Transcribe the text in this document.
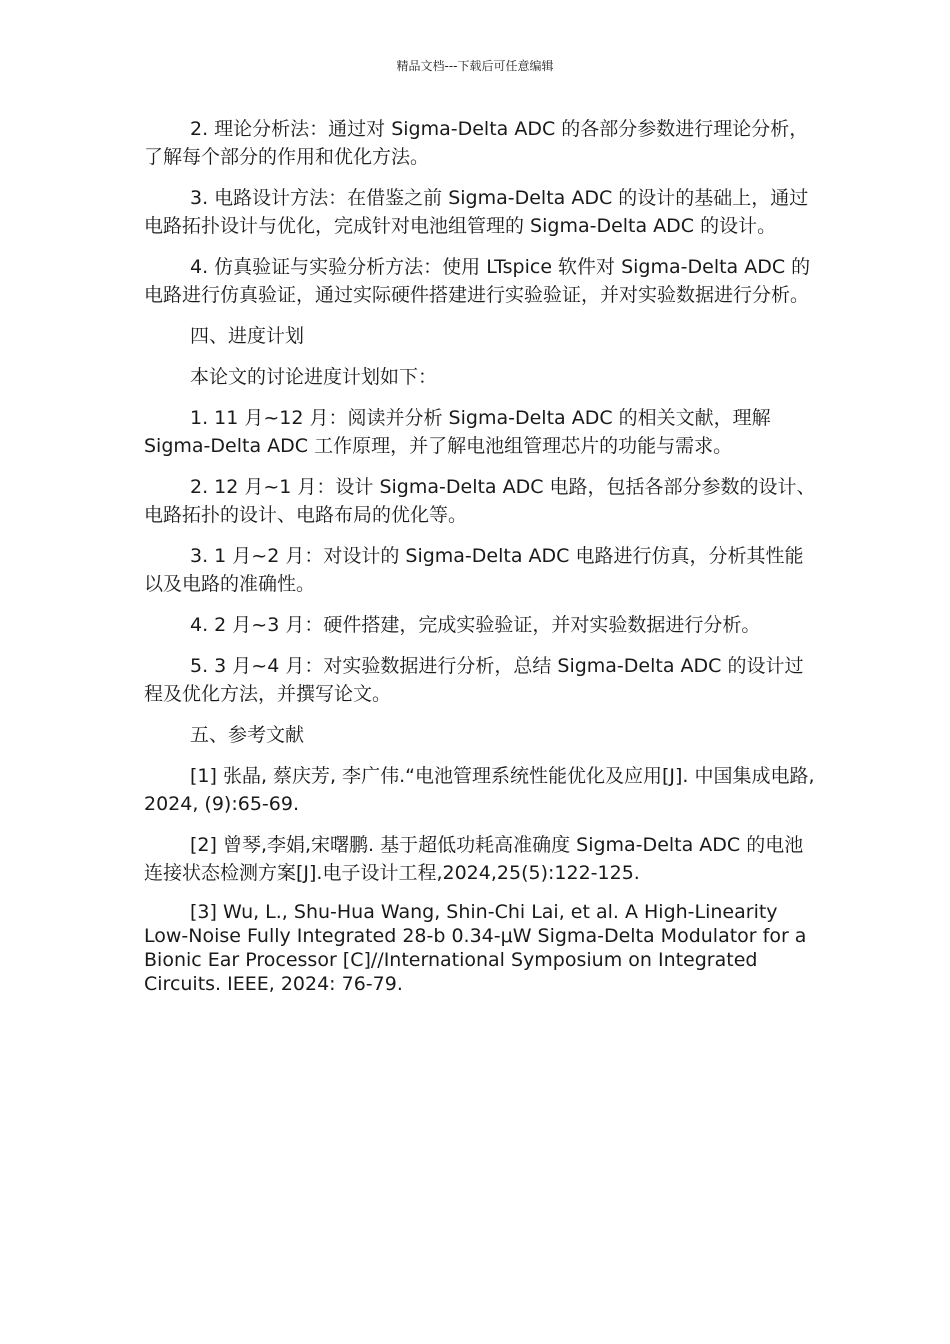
精品文档---下载后可任意编辑

2. 理论分析法：通过对 Sigma-Delta ADC 的各部分参数进行理论分析，了解每个部分的作用和优化方法。

3. 电路设计方法：在借鉴之前 Sigma-Delta ADC 的设计的基础上，通过电路拓扑设计与优化，完成针对电池组管理的 Sigma-Delta ADC 的设计。

4. 仿真验证与实验分析方法：使用 LTspice 软件对 Sigma-Delta ADC 的电路进行仿真验证，通过实际硬件搭建进行实验验证，并对实验数据进行分析。

四、进度计划

本论文的讨论进度计划如下：

1. 11 月~12 月：阅读并分析 Sigma-Delta ADC 的相关文献，理解 Sigma-Delta ADC 工作原理，并了解电池组管理芯片的功能与需求。

2. 12 月~1 月：设计 Sigma-Delta ADC 电路，包括各部分参数的设计、电路拓扑的设计、电路布局的优化等。

3. 1 月~2 月：对设计的 Sigma-Delta ADC 电路进行仿真，分析其性能以及电路的准确性。

4. 2 月~3 月：硬件搭建，完成实验验证，并对实验数据进行分析。

5. 3 月~4 月：对实验数据进行分析，总结 Sigma-Delta ADC 的设计过程及优化方法，并撰写论文。

五、参考文献

[1] 张晶, 蔡庆芳, 李广伟.“电池管理系统性能优化及应用[J]. 中国集成电路, 2024, (9):65-69.

[2] 曾琴,李娟,宋曙鹏. 基于超低功耗高准确度 Sigma-Delta ADC 的电池连接状态检测方案[J].电子设计工程,2024,25(5):122-125.

[3] Wu, L., Shu-Hua Wang, Shin-Chi Lai, et al. A High-Linearity Low-Noise Fully Integrated 28-b 0.34-μW Sigma-Delta Modulator for a Bionic Ear Processor [C]//International Symposium on Integrated Circuits. IEEE, 2024: 76-79.
